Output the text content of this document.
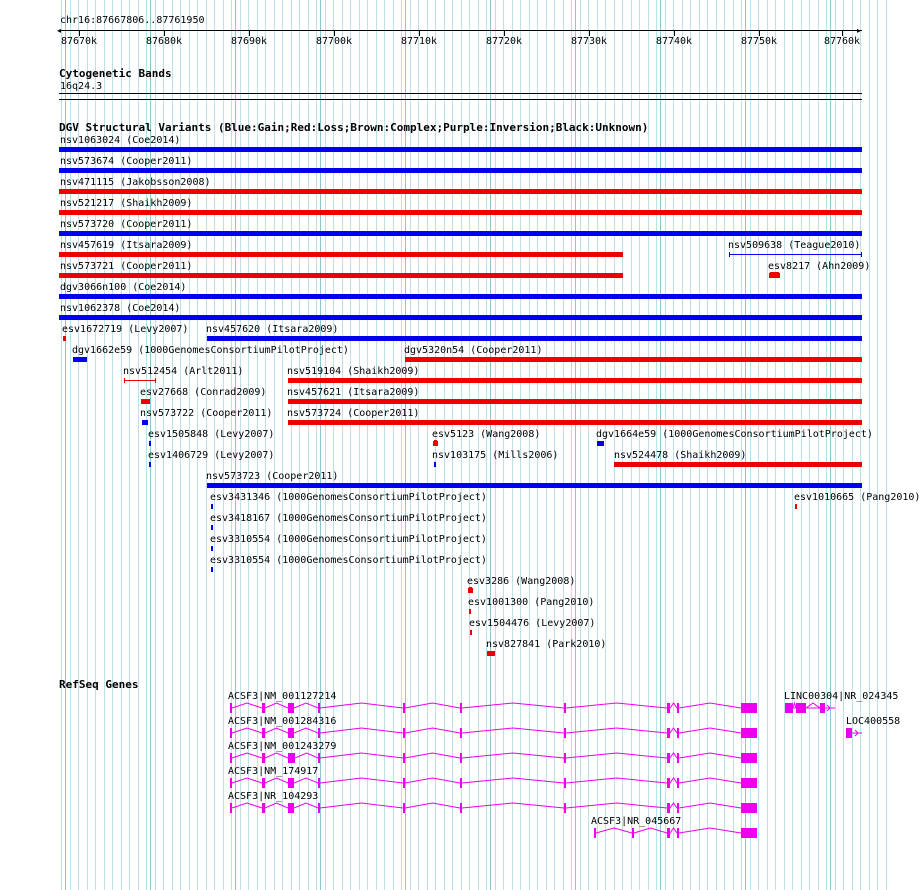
chr16:87667806..87761950
◂	▸
87670k	87680k	87690k	87700k	87710k	87720k	87730k	87740k	87750k	87760k
Cytogenetic Bands
16q24.3
DGV Structural Variants (Blue:Gain;Red:Loss;Brown:Complex;Purple:Inversion;Black:Unknown)
nsv1063024 (Coe2014)
nsv573674 (Cooper2011)
nsv471115 (Jakobsson2008)
nsv521217 (Shaikh2009)
nsv573720 (Cooper2011)
nsv457619 (Itsara2009)	nsv509638 (Teague2010)
nsv573721 (Cooper2011)	esv8217 (Ahn2009)
dgv3066n100 (Coe2014)
nsv1062378 (Coe2014)
esv1672719 (Levy2007) nsv457620 (Itsara2009)
dgv1662e59 (1000GenomesConsortiumPilotProject)	dgv5320n54 (Cooper2011)
nsv512454 (Arlt2011)	nsv519104 (Shaikh2009)
esv27668 (Conrad2009) nsv457621 (Itsara2009)
nsv573722 (Cooper2011) nsv573724 (Cooper2011)
esv1505848 (Levy2007)	esv5123 (Wang2008)	dgv1664e59 (1000GenomesConsortiumPilotProject)
esv1406729 (Levy2007)	nsv103175 (Mills2006)	nsv524478 (Shaikh2009)
nsv573723 (Cooper2011)
esv3431346 (1000GenomesConsortiumPilotProject)	esv1010665 (Pang2010)
esv3418167 (1000GenomesConsortiumPilotProject)
esv3310554 (1000GenomesConsortiumPilotProject)
esv3310554 (1000GenomesConsortiumPilotProject)
esv3286 (Wang2008)
esv1001300 (Pang2010)
esv1504476 (Levy2007)
nsv827841 (Park2010)
RefSeq Genes
ACSF3|NM_001127214
ACSF3|NM_001284316
ACSF3|NM_001243279
ACSF3|NM_174917
ACSF3|NR_104293
ACSF3|NR_045667
LINC00304|NR_024345
LOC400558
